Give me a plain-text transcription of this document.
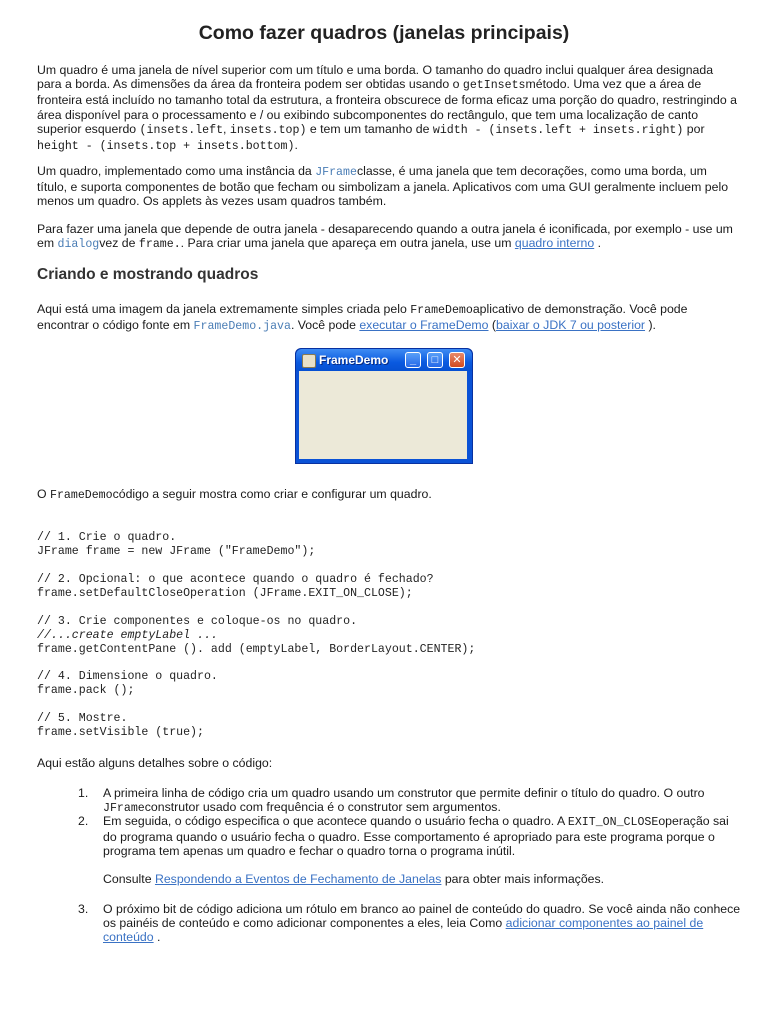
Como fazer quadros (janelas principais)

Um quadro é uma janela de nível superior com um título e uma borda. O tamanho do quadro inclui qualquer área designada para a borda. As dimensões da área da fronteira podem ser obtidas usando o getInsetsmétodo. Uma vez que a área de fronteira está incluído no tamanho total da estrutura, a fronteira obscurece de forma eficaz uma porção do quadro, restringindo a área disponível para o processamento e / ou exibindo subcomponentes do rectângulo, que tem uma localização de canto superior esquerdo (insets.left, insets.top) e tem um tamanho de width - (insets.left + insets.right) por height - (insets.top + insets.bottom).

Um quadro, implementado como uma instância da JFrameclasse, é uma janela que tem decorações, como uma borda, um título, e suporta componentes de botão que fecham ou simbolizam a janela. Aplicativos com uma GUI geralmente incluem pelo menos um quadro. Os applets às vezes usam quadros também.

Para fazer uma janela que depende de outra janela - desaparecendo quando a outra janela é iconificada, por exemplo - use um em dialogvez de frame.. Para criar uma janela que apareça em outra janela, use um quadro interno .

Criando e mostrando quadros

Aqui está uma imagem da janela extremamente simples criada pelo FrameDemoaplicativo de demonstração. Você pode encontrar o código fonte em FrameDemo.java. Você pode executar o FrameDemo (baixar o JDK 7 ou posterior ).

FrameDemo	_	□	✕

O FrameDemocódigo a seguir mostra como criar e configurar um quadro.

// 1. Crie o quadro.
JFrame frame = new JFrame ("FrameDemo");
// 2. Opcional: o que acontece quando o quadro é fechado?
frame.setDefaultCloseOperation (JFrame.EXIT_ON_CLOSE);
// 3. Crie componentes e coloque-os no quadro.
//...create emptyLabel ...
frame.getContentPane (). add (emptyLabel, BorderLayout.CENTER);
// 4. Dimensione o quadro.
frame.pack ();
// 5. Mostre.
frame.setVisible (true);

Aqui estão alguns detalhes sobre o código:

1. A primeira linha de código cria um quadro usando um construtor que permite definir o título do quadro. O outro JFrameconstrutor usado com frequência é o construtor sem argumentos.
2. Em seguida, o código especifica o que acontece quando o usuário fecha o quadro. A EXIT_ON_CLOSEoperação sai do programa quando o usuário fecha o quadro. Esse comportamento é apropriado para este programa porque o programa tem apenas um quadro e fechar o quadro torna o programa inútil.
Consulte Respondendo a Eventos de Fechamento de Janelas para obter mais informações.
3. O próximo bit de código adiciona um rótulo em branco ao painel de conteúdo do quadro. Se você ainda não conhece os painéis de conteúdo e como adicionar componentes a eles, leia Como adicionar componentes ao painel de conteúdo .
